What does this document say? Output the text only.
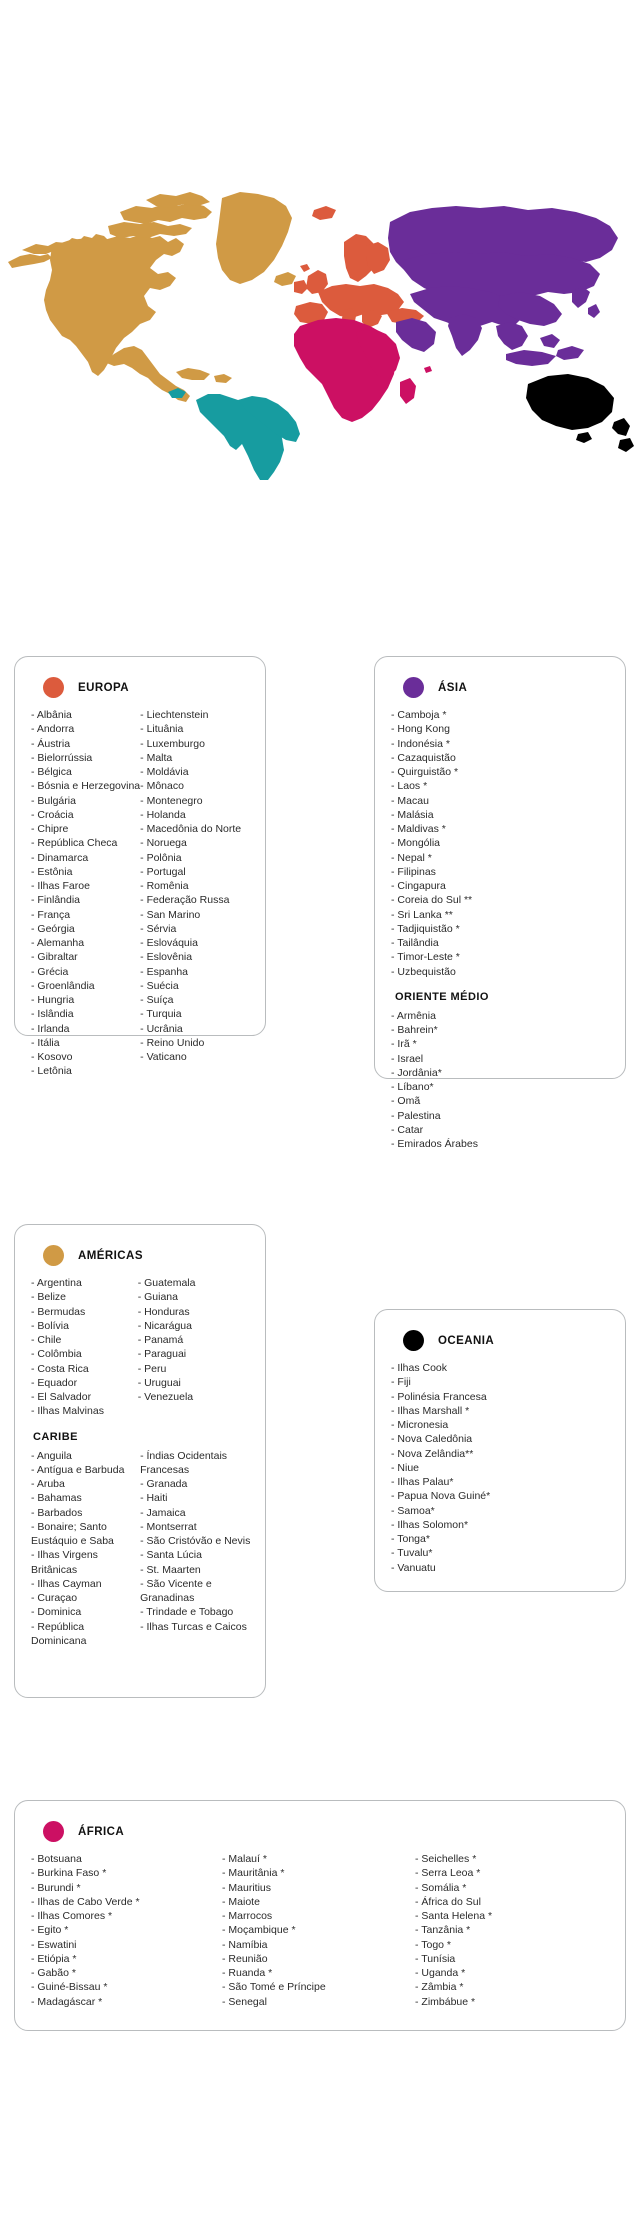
EUROPA
- Albânia
- Andorra
- Áustria
- Bielorrússia
- Bélgica
- Bósnia e Herzegovina
- Bulgária
- Croácia
- Chipre
- República Checa
- Dinamarca
- Estônia
- Ilhas Faroe
- Finlândia
- França
- Geórgia
- Alemanha
- Gibraltar
- Grécia
- Groenlândia
- Hungria
- Islândia
- Irlanda
- Itália
- Kosovo
- Letônia
- Liechtenstein
- Lituânia
- Luxemburgo
- Malta
- Moldávia
- Mônaco
- Montenegro
- Holanda
- Macedônia do Norte
- Noruega
- Polônia
- Portugal
- Romênia
- Federação Russa
- San Marino
- Sérvia
- Eslováquia
- Eslovênia
- Espanha
- Suécia
- Suíça
- Turquia
- Ucrânia
- Reino Unido
- Vaticano
ÁSIA
- Camboja *
- Hong Kong
- Indonésia *
- Cazaquistão
- Quirguistão *
- Laos *
- Macau
- Malásia
- Maldivas *
- Mongólia
- Nepal *
- Filipinas
- Cingapura
- Coreia do Sul **
- Sri Lanka **
- Tadjiquistão *
- Tailândia
- Timor-Leste *
- Uzbequistão
ORIENTE MÉDIO
- Armênia
- Bahrein*
- Irã *
- Israel
- Jordânia*
- Líbano*
- Omã
- Palestina
- Catar
- Emirados Árabes
AMÉRICAS
- Argentina
- Belize
- Bermudas
- Bolívia
- Chile
- Colômbia
- Costa Rica
- Equador
- El Salvador
- Ilhas Malvinas
- Guatemala
- Guiana
- Honduras
- Nicarágua
- Panamá
- Paraguai
- Peru
- Uruguai
- Venezuela
CARIBE
- Anguila
- Antígua e Barbuda
- Aruba
- Bahamas
- Barbados
- Bonaire; Santo Eustáquio e Saba
- Ilhas Virgens Britânicas
- Ilhas Cayman
- Curaçao
- Dominica
- República Dominicana
- Índias Ocidentais Francesas
- Granada
- Haiti
- Jamaica
- Montserrat
- São Cristóvão e Nevis
- Santa Lúcia
- St. Maarten
- São Vicente e Granadinas
- Trindade e Tobago
- Ilhas Turcas e Caicos
OCEANIA
- Ilhas Cook
- Fiji
- Polinésia Francesa
- Ilhas Marshall *
- Micronesia
- Nova Caledônia
- Nova Zelândia**
- Niue
- Ilhas Palau*
- Papua Nova Guiné*
- Samoa*
- Ilhas Solomon*
- Tonga*
- Tuvalu*
- Vanuatu
ÁFRICA
- Botsuana
- Burkina Faso *
- Burundi *
- Ilhas de Cabo Verde *
- Ilhas Comores *
- Egito *
- Eswatini
- Etiópia *
- Gabão *
- Guiné-Bissau *
- Madagáscar *
- Malauí *
- Mauritânia *
- Mauritius
- Maiote
- Marrocos
- Moçambique *
- Namíbia
- Reunião
- Ruanda *
- São Tomé e Príncipe
- Senegal
- Seichelles *
- Serra Leoa *
- Somália *
- África do Sul
- Santa Helena *
- Tanzânia *
- Togo *
- Tunísia
- Uganda *
- Zâmbia *
- Zimbábue *
